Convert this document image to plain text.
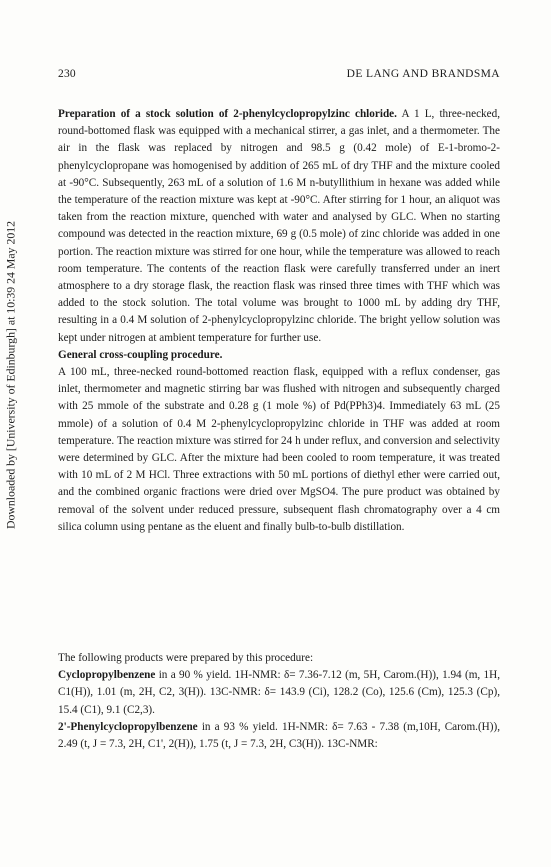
Downloaded by [University of Edinburgh] at 10:39 24 May 2012
230	DE LANG AND BRANDSMA

Preparation of a stock solution of 2-phenylcyclopropylzinc chloride. A 1 L, three-necked, round-bottomed flask was equipped with a mechanical stirrer, a gas inlet, and a thermometer. The air in the flask was replaced by nitrogen and 98.5 g (0.42 mole) of E-1-bromo-2-phenylcyclopropane was homogenised by addition of 265 mL of dry THF and the mixture cooled at -90°C. Subsequently, 263 mL of a solution of 1.6 M n-butyllithium in hexane was added while the temperature of the reaction mixture was kept at -90°C. After stirring for 1 hour, an aliquot was taken from the reaction mixture, quenched with water and analysed by GLC. When no starting compound was detected in the reaction mixture, 69 g (0.5 mole) of zinc chloride was added in one portion. The reaction mixture was stirred for one hour, while the temperature was allowed to reach room temperature. The contents of the reaction flask were carefully transferred under an inert atmosphere to a dry storage flask, the reaction flask was rinsed three times with THF which was added to the stock solution. The total volume was brought to 1000 mL by adding dry THF, resulting in a 0.4 M solution of 2-phenylcyclopropylzinc chloride. The bright yellow solution was kept under nitrogen at ambient temperature for further use.

General cross-coupling procedure.

A 100 mL, three-necked round-bottomed reaction flask, equipped with a reflux condenser, gas inlet, thermometer and magnetic stirring bar was flushed with nitrogen and subsequently charged with 25 mmole of the substrate and 0.28 g (1 mole %) of Pd(PPh3)4. Immediately 63 mL (25 mmole) of a solution of 0.4 M 2-phenylcyclopropylzinc chloride in THF was added at room temperature. The reaction mixture was stirred for 24 h under reflux, and conversion and selectivity were determined by GLC. After the mixture had been cooled to room temperature, it was treated with 10 mL of 2 M HCl. Three extractions with 50 mL portions of diethyl ether were carried out, and the combined organic fractions were dried over MgSO4. The pure product was obtained by removal of the solvent under reduced pressure, subsequent flash chromatography over a 4 cm silica column using pentane as the eluent and finally bulb-to-bulb distillation.

The following products were prepared by this procedure:

Cyclopropylbenzene in a 90 % yield. 1H-NMR: δ= 7.36-7.12 (m, 5H, Carom.(H)), 1.94 (m, 1H, C1(H)), 1.01 (m, 2H, C2, 3(H)). 13C-NMR: δ= 143.9 (Ci), 128.2 (Co), 125.6 (Cm), 125.3 (Cp), 15.4 (C1), 9.1 (C2,3).

2'-Phenylcyclopropylbenzene in a 93 % yield. 1H-NMR: δ= 7.63 - 7.38 (m,10H, Carom.(H)), 2.49 (t, J = 7.3, 2H, C1', 2(H)), 1.75 (t, J = 7.3, 2H, C3(H)). 13C-NMR:
